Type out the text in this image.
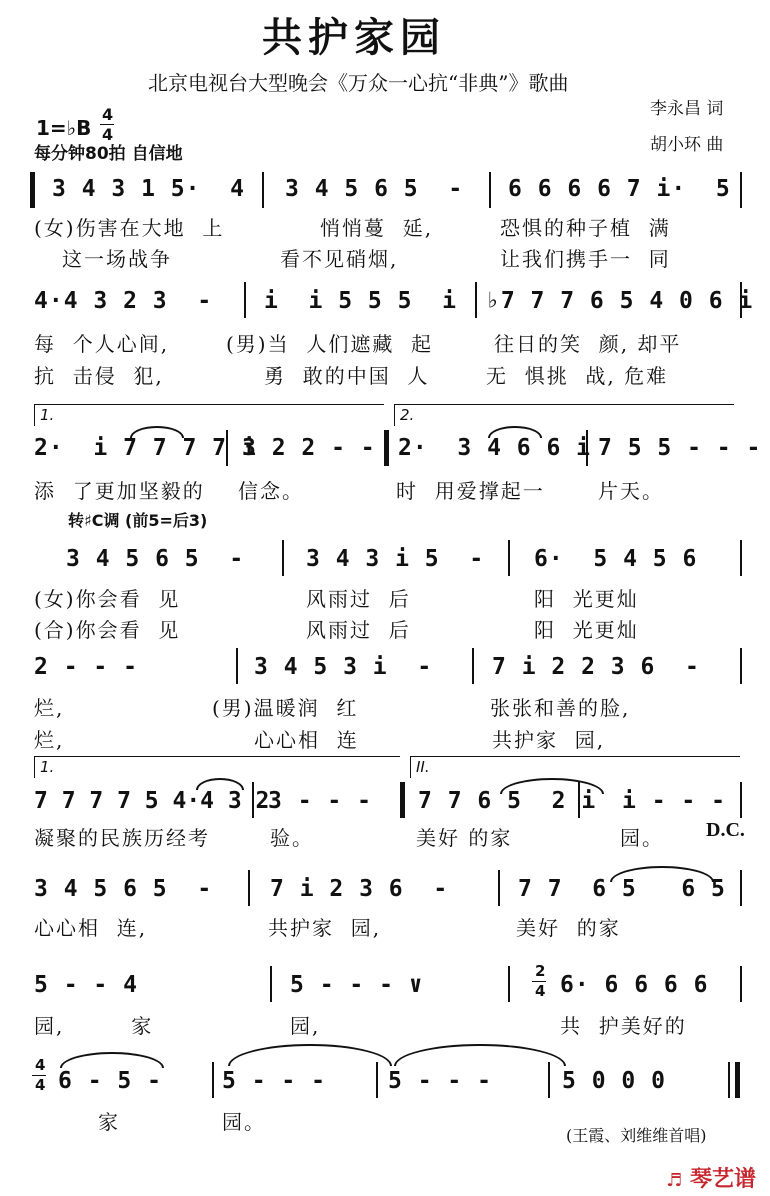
共护家园
北京电视台大型晚会《万众一心抗“非典”》歌曲
1=♭B
4
4
每分钟80拍 自信地
李永昌 词
胡小环 曲
3 4 3 1 5·  4 3 4 5 6 5  - 6 6 6 6 7 i·  5
(女)伤害在大地  上	悄悄蔓  延,	恐惧的种子植  满
这一场战争	看不见硝烟,	让我们携手一  同
4·4 3 2 3  - i  i 5 5 5  i ♭7 7 7 6 5 4 0 6 i
每  个人心间,	(男)当  人们遮藏  起	往日的笑  颜, 却平
抗  击侵  犯,	勇  敢的中国  人	无  惧挑  战, 危难
1.	2.
2·  i 7 7 7 7 i
3 2 2 - - 2·  3 4 6 6 i 7 5 5 - - -
添  了更加坚毅的 信念。	时  用爱撑起一	片天。
转♯C调 (前5=后3)
3 4 5 6 5  -	3 4 3 i 5  - 6·  5 4 5 6
(女)你会看  见	风雨过  后	阳  光更灿
(合)你会看  见	风雨过  后	阳  光更灿
2 - - -	3 4 5 3 i  -	7 i 2 2 3 6  -
烂,	(男)温暖润  红	张张和善的脸,
烂,	心心相  连	共护家  园,
1.	II.
7 7 7 7 5 4·4 3 2
3 - - - 7 7 6 5  2 i i - - -
凝聚的民族历经考	验。	美好 的家	园。 D.C.
3 4 5 6 5  -	7 i 2 3 6  -	7 7  6 5   6 5
心心相  连,	共护家  园,	美好  的家
2
4
5 - - 4	5 - - - ∨	6· 6 6 6 6
园,        家	园,	共  护美好的
4
4 6 - 5 -	5 - - -	5 - - -	5 0 0 0
家	园。
(王霞、刘维维首唱)
♬ 琴艺谱
